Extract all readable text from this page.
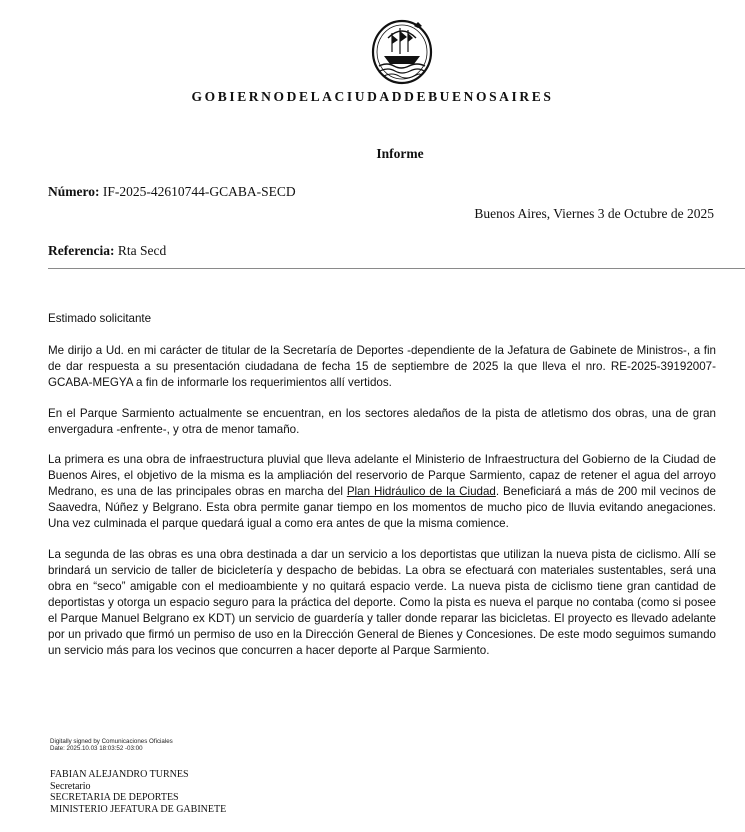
GOBIERNODELACIUDADDEBUENOSAIRES
Informe
Número: IF-2025-42610744-GCABA-SECD
Buenos Aires, Viernes 3 de Octubre de 2025
Referencia: Rta Secd

Estimado solicitante

Me dirijo a Ud. en mi carácter de titular de la Secretaría de Deportes -dependiente de la Jefatura de Gabinete de Ministros-, a fin de dar respuesta a su presentación ciudadana de fecha 15 de septiembre de 2025 la que lleva el nro. RE-2025-39192007-GCABA-MEGYA a fin de informarle los requerimientos allí vertidos.

En el Parque Sarmiento actualmente se encuentran, en los sectores aledaños de la pista de atletismo dos obras, una de gran envergadura -enfrente-, y otra de menor tamaño.

La primera es una obra de infraestructura pluvial que lleva adelante el Ministerio de Infraestructura del Gobierno de la Ciudad de Buenos Aires, el objetivo de la misma es la ampliación del reservorio de Parque Sarmiento, capaz de retener el agua del arroyo Medrano, es una de las principales obras en marcha del Plan Hidráulico de la Ciudad. Beneficiará a más de 200 mil vecinos de Saavedra, Núñez y Belgrano. Esta obra permite ganar tiempo en los momentos de mucho pico de lluvia evitando anegaciones. Una vez culminada el parque quedará igual a como era antes de que la misma comience.

La segunda de las obras es una obra destinada a dar un servicio a los deportistas que utilizan la nueva pista de ciclismo. Allí se brindará un servicio de taller de bicicletería y despacho de bebidas. La obra se efectuará con materiales sustentables, será una obra en “seco” amigable con el medioambiente y no quitará espacio verde. La nueva pista de ciclismo tiene gran cantidad de deportistas y otorga un espacio seguro para la práctica del deporte. Como la pista es nueva el parque no contaba (como si posee el Parque Manuel Belgrano ex KDT) un servicio de guardería y taller donde reparar las bicicletas. El proyecto es llevado adelante por un privado que firmó un permiso de uso en la Dirección General de Bienes y Concesiones. De este modo seguimos sumando un servicio más para los vecinos que concurren a hacer deporte al Parque Sarmiento.

Digitally signed by Comunicaciones Oficiales
Date: 2025.10.03 18:03:52 -03:00
FABIAN ALEJANDRO TURNES
Secretario
SECRETARIA DE DEPORTES
MINISTERIO JEFATURA DE GABINETE
